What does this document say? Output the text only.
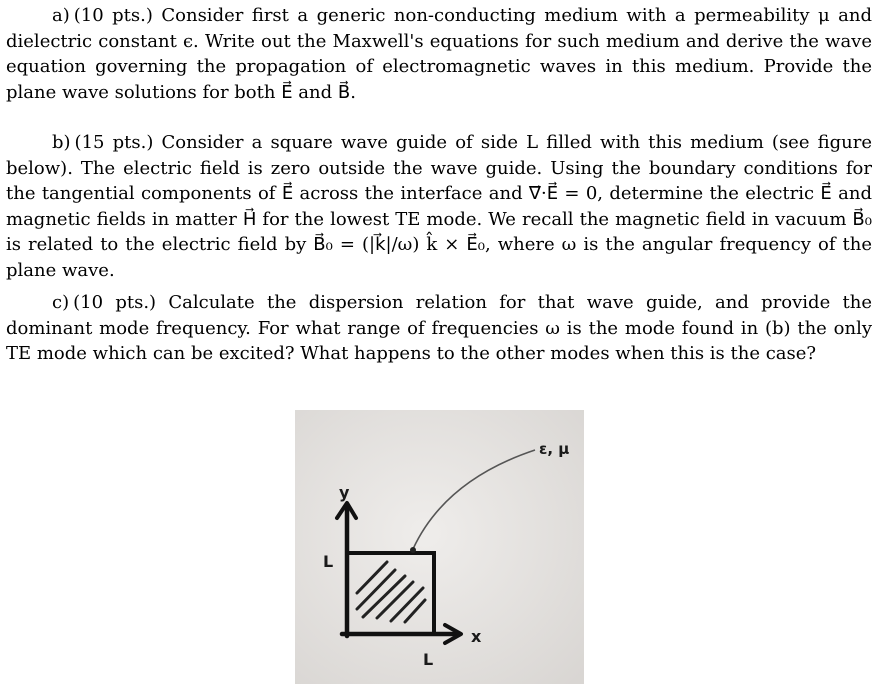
a) (10 pts.) Consider first a generic non-conducting medium with a permeability μ and dielectric constant ϵ. Write out the Maxwell's equations for such medium and derive the wave equation governing the propagation of electromagnetic waves in this medium. Provide the plane wave solutions for both E⃗ and B⃗.

b) (15 pts.) Consider a square wave guide of side L filled with this medium (see figure below). The electric field is zero outside the wave guide. Using the boundary conditions for the tangential components of E⃗ across the interface and ∇⃗·E⃗ = 0, determine the electric E⃗ and magnetic fields in matter H⃗ for the lowest TE mode. We recall the magnetic field in vacuum B⃗₀ is related to the electric field by B⃗₀ = (|k⃗|/ω) k̂ × E⃗₀, where ω is the angular frequency of the plane wave.

c) (10 pts.) Calculate the dispersion relation for that wave guide, and provide the dominant mode frequency. For what range of frequencies ω is the mode found in (b) the only TE mode which can be excited? What happens to the other modes when this is the case?

ε, μ
y
x
L
L
